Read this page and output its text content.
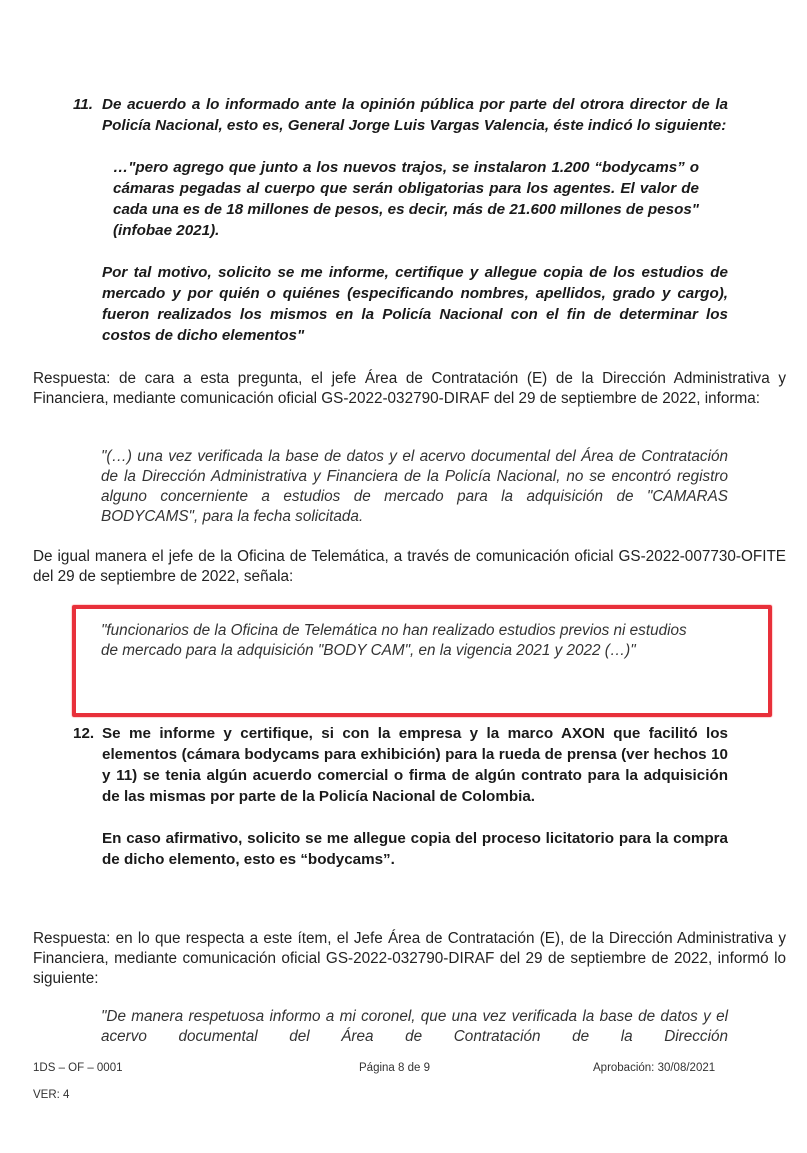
11. De acuerdo a lo informado ante la opinión pública por parte del otrora director de la Policía Nacional, esto es, General Jorge Luis Vargas Valencia, éste indicó lo siguiente:

…"pero agrego que junto a los nuevos trajos, se instalaron 1.200 “bodycams” o cámaras pegadas al cuerpo que serán obligatorias para los agentes. El valor de cada una es de 18 millones de pesos, es decir, más de 21.600 millones de pesos" (infobae 2021).

Por tal motivo, solicito se me informe, certifique y allegue copia de los estudios de mercado y por quién o quiénes (especificando nombres, apellidos, grado y cargo), fueron realizados los mismos en la Policía Nacional con el fin de determinar los costos de dicho elementos"

Respuesta: de cara a esta pregunta, el jefe Área de Contratación (E) de la Dirección Administrativa y Financiera, mediante comunicación oficial GS-2022-032790-DIRAF del 29 de septiembre de 2022, informa:

"(…) una vez verificada la base de datos y el acervo documental del Área de Contratación de la Dirección Administrativa y Financiera de la Policía Nacional, no se encontró registro alguno concerniente a estudios de mercado para la adquisición de "CAMARAS BODYCAMS", para la fecha solicitada.

De igual manera el jefe de la Oficina de Telemática, a través de comunicación oficial GS-2022-007730-OFITE del 29 de septiembre de 2022, señala:

"funcionarios de la Oficina de Telemática no han realizado estudios previos ni estudios de mercado para la adquisición "BODY CAM", en la vigencia 2021 y 2022 (…)"
12. Se me informe y certifique, si con la empresa y la marco AXON que facilitó los elementos (cámara bodycams para exhibición) para la rueda de prensa (ver hechos 10 y 11) se tenia algún acuerdo comercial o firma de algún contrato para la adquisición de las mismas por parte de la Policía Nacional de Colombia.

En caso afirmativo, solicito se me allegue copia del proceso licitatorio para la compra de dicho elemento, esto es “bodycams”.

Respuesta: en lo que respecta a este ítem, el Jefe Área de Contratación (E), de la Dirección Administrativa y Financiera, mediante comunicación oficial GS-2022-032790-DIRAF del 29 de septiembre de 2022, informó lo siguiente:

"De manera respetuosa informo a mi coronel, que una vez verificada la base de datos y el acervo documental del Área de Contratación de la Dirección
1DS – OF – 0001	Página 8 de 9	Aprobación: 30/08/2021
VER: 4
